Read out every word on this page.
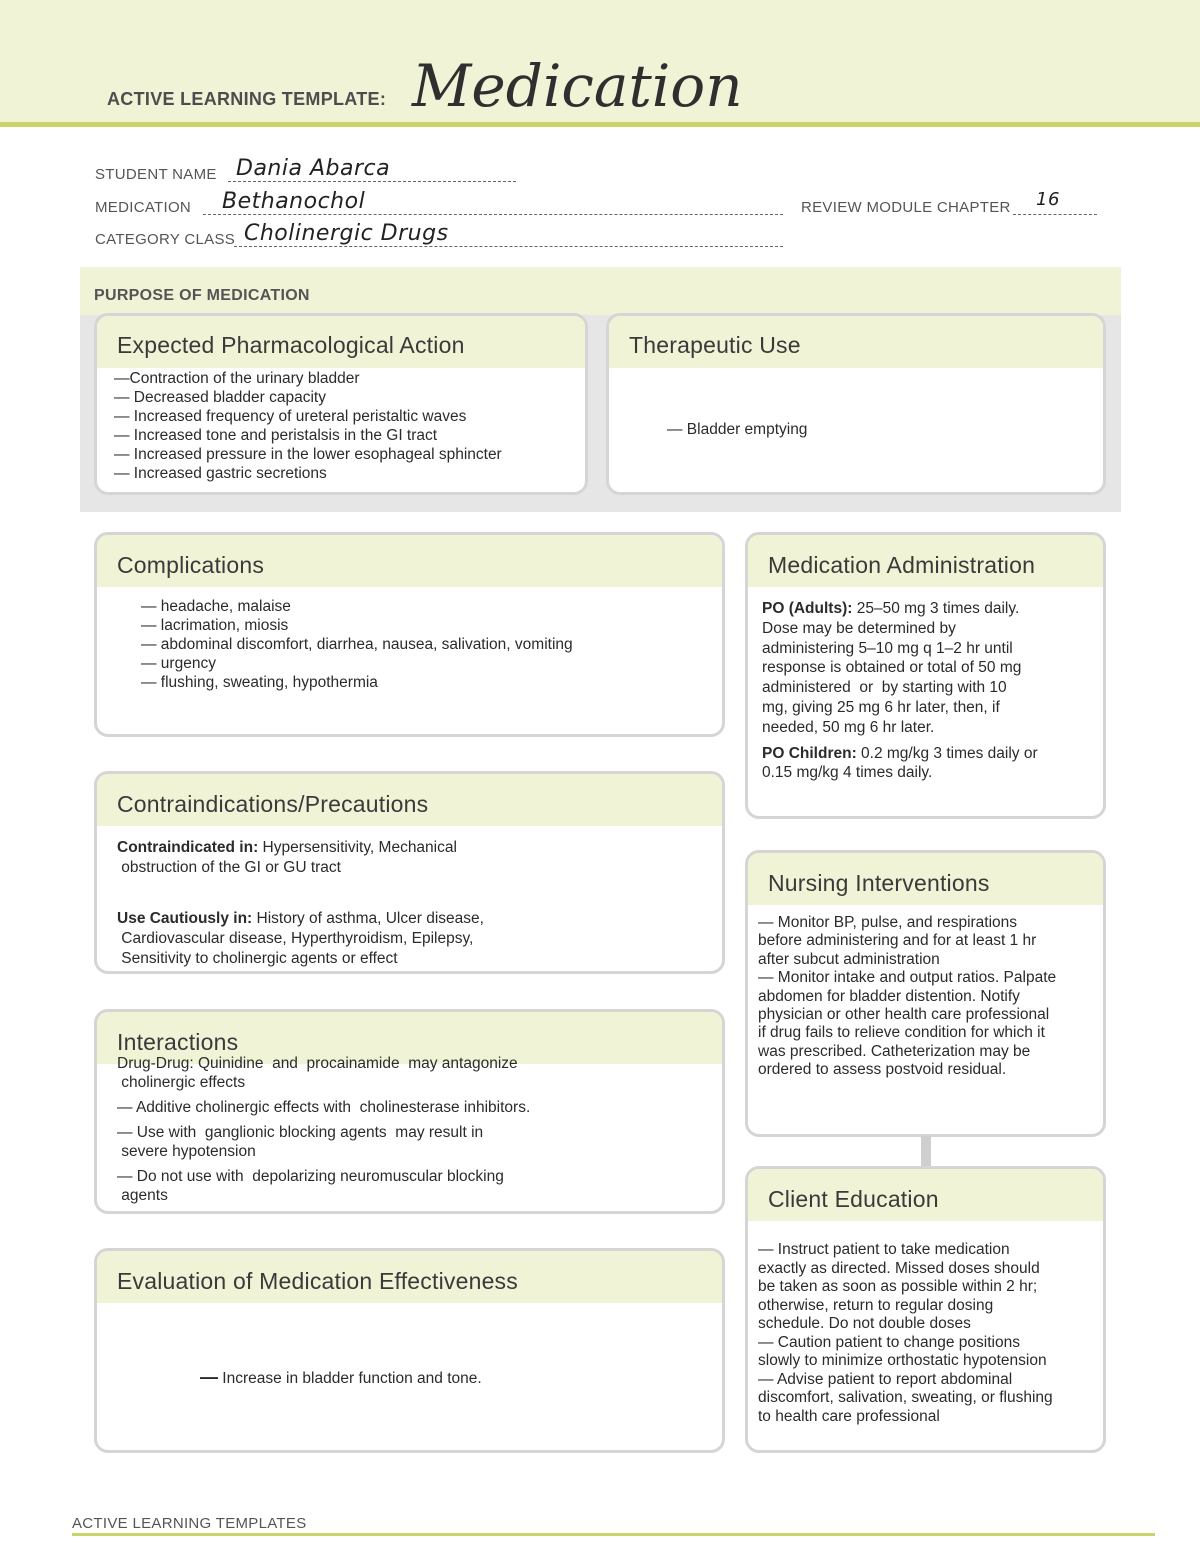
ACTIVE LEARNING TEMPLATE: Medication
STUDENT NAME Dania Abarca
MEDICATION Bethanochol	REVIEW MODULE CHAPTER 16
CATEGORY CLASS Cholinergic Drugs
PURPOSE OF MEDICATION
Expected Pharmacological Action
—Contraction of the urinary bladder
— Decreased bladder capacity
— Increased frequency of ureteral peristaltic waves
— Increased tone and peristalsis in the GI tract
— Increased pressure in the lower esophageal sphincter
— Increased gastric secretions
Therapeutic Use
— Bladder emptying
Complications
— headache, malaise
— lacrimation, miosis
— abdominal discomfort, diarrhea, nausea, salivation, vomiting
— urgency
— flushing, sweating, hypothermia
Medication Administration
PO (Adults): 25–50 mg 3 times daily.
Dose may be determined by
administering 5–10 mg q 1–2 hr until
response is obtained or total of 50 mg
administered  or  by starting with 10
mg, giving 25 mg 6 hr later, then, if
needed, 50 mg 6 hr later.
PO Children: 0.2 mg/kg 3 times daily or
0.15 mg/kg 4 times daily.
Contraindications/Precautions
Contraindicated in: Hypersensitivity, Mechanical
obstruction of the GI or GU tract
Use Cautiously in: History of asthma, Ulcer disease,
Cardiovascular disease, Hyperthyroidism, Epilepsy,
Sensitivity to cholinergic agents or effect
Nursing Interventions
— Monitor BP, pulse, and respirations
before administering and for at least 1 hr
after subcut administration
— Monitor intake and output ratios. Palpate
abdomen for bladder distention. Notify
physician or other health care professional
if drug fails to relieve condition for which it
was prescribed. Catheterization may be
ordered to assess postvoid residual.
Interactions
Drug-Drug: Quinidine  and  procainamide  may antagonize
cholinergic effects
— Additive cholinergic effects with  cholinesterase inhibitors.
— Use with  ganglionic blocking agents  may result in
severe hypotension
— Do not use with  depolarizing neuromuscular blocking
agents	Client Education
— Instruct patient to take medication
exactly as directed. Missed doses should
be taken as soon as possible within 2 hr;
otherwise, return to regular dosing
schedule. Do not double doses
— Caution patient to change positions
slowly to minimize orthostatic hypotension
— Advise patient to report abdominal
discomfort, salivation, sweating, or flushing
to health care professional
Evaluation of Medication Effectiveness
— Increase in bladder function and tone.
ACTIVE LEARNING TEMPLATES
